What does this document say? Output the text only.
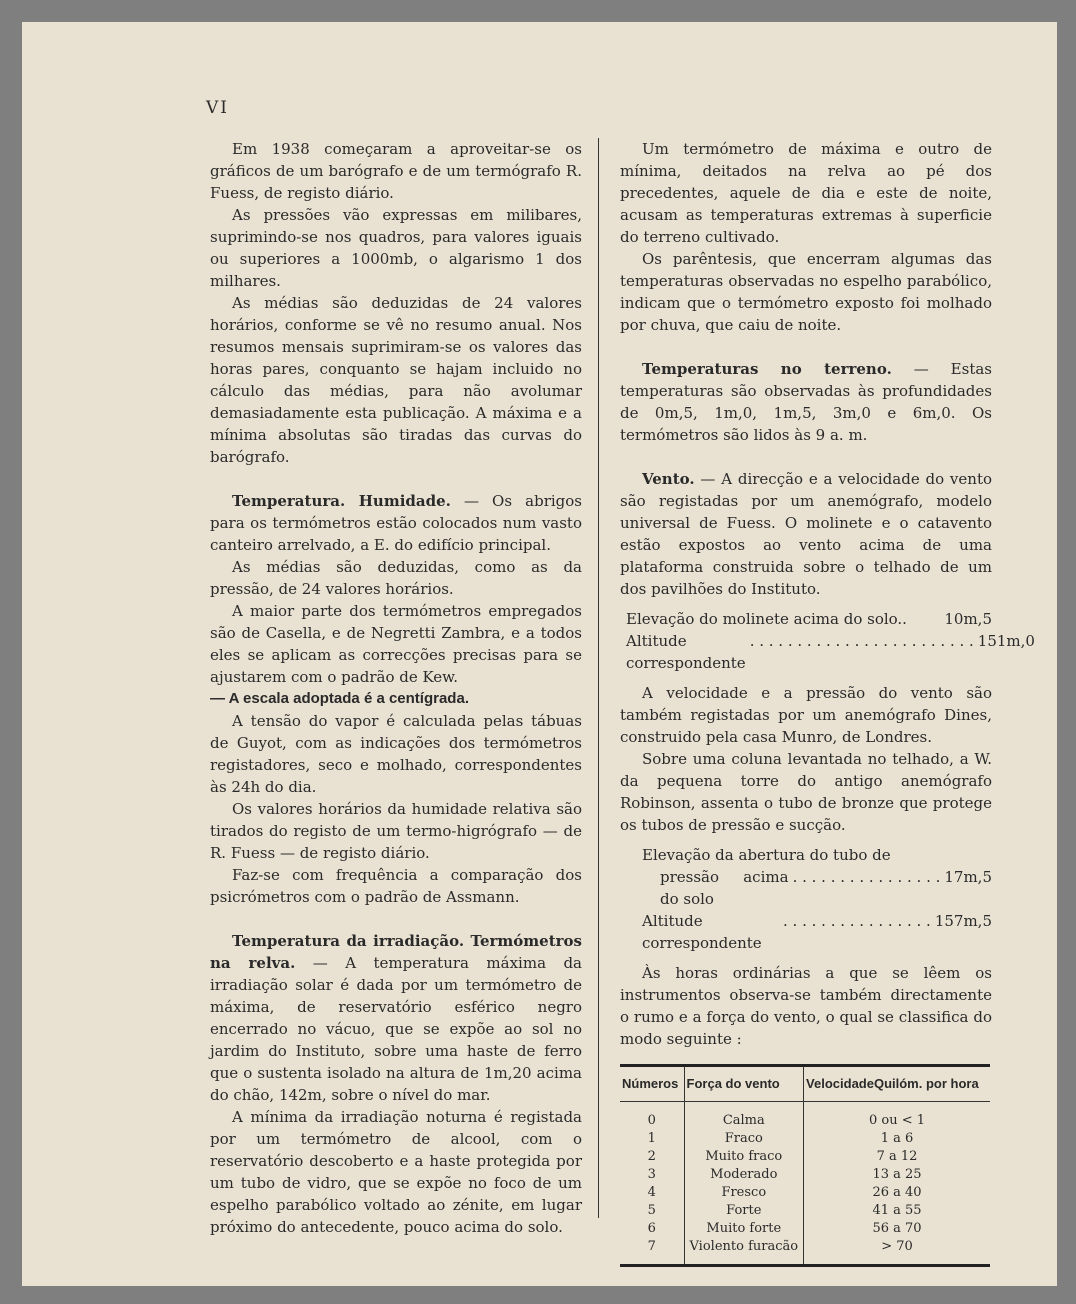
VI

Em 1938 começaram a aproveitar-se os gráficos de um barógrafo e de um termógrafo R. Fuess, de registo diário.

As pressões vão expressas em milibares, suprimindo-se nos quadros, para valores iguais ou superiores a 1000mb, o algarismo 1 dos milhares.

As médias são deduzidas de 24 valores horários, conforme se vê no resumo anual. Nos resumos mensais suprimiram-se os valores das horas pares, conquanto se hajam incluido no cálculo das médias, para não avolumar demasiadamente esta publicação. A máxima e a mínima absolutas são tiradas das curvas do barógrafo.

Temperatura. Humidade. — Os abrigos para os termómetros estão colocados num vasto canteiro arrelvado, a E. do edifício principal.

As médias são deduzidas, como as da pressão, de 24 valores horários.

A maior parte dos termómetros empregados são de Casella, e de Negretti Zambra, e a todos eles se aplicam as correcções precisas para se ajustarem com o padrão de Kew.

— A escala adoptada é a centígrada.

A tensão do vapor é calculada pelas tábuas de Guyot, com as indicações dos termómetros registadores, seco e molhado, correspondentes às 24h do dia.

Os valores horários da humidade relativa são tirados do registo de um termo-higrógrafo — de R. Fuess — de registo diário.

Faz-se com frequência a comparação dos psicrómetros com o padrão de Assmann.

Temperatura da irradiação. Termómetros na relva. — A temperatura máxima da irradiação solar é dada por um termómetro de máxima, de reservatório esférico negro encerrado no vácuo, que se expõe ao sol no jardim do Instituto, sobre uma haste de ferro que o sustenta isolado na altura de 1m,20 acima do chão, 142m, sobre o nível do mar.

A mínima da irradiação noturna é registada por um termómetro de alcool, com o reservatório descoberto e a haste protegida por um tubo de vidro, que se expõe no foco de um espelho parabólico voltado ao zénite, em lugar próximo do antecedente, pouco acima do solo.

Um termómetro de máxima e outro de mínima, deitados na relva ao pé dos precedentes, aquele de dia e este de noite, acusam as temperaturas extremas à superficie do terreno cultivado.

Os parêntesis, que encerram algumas das temperaturas observadas no espelho parabólico, indicam que o termómetro exposto foi molhado por chuva, que caiu de noite.

Temperaturas no terreno. — Estas temperaturas são observadas às profundidades de 0m,5, 1m,0, 1m,5, 3m,0 e 6m,0. Os termómetros são lidos às 9 a. m.

Vento. — A direcção e a velocidade do vento são registadas por um anemógrafo, modelo universal de Fuess. O molinete e o catavento estão expostos ao vento acima de uma plataforma construida sobre o telhado de um dos pavilhões do Instituto.

Elevação do molinete acima do solo.. 10m,5
Altitude correspondente
. . . . . . . . . . . . . . . . . . . . . . . . 151m,0

A velocidade e a pressão do vento são também registadas por um anemógrafo Dines, construido pela casa Munro, de Londres.

Sobre uma coluna levantada no telhado, a W. da pequena torre do antigo anemógrafo Robinson, assenta o tubo de bronze que protege os tubos de pressão e sucção.

Elevação da abertura do tubo de
pressão acima do solo
. . . . . . . . . . . . . . . . 17m,5
Altitude correspondente
. . . . . . . . . . . . . . . . 157m,5

Às horas ordinárias a que se lêem os instrumentos observa-se também directamente o rumo e a força do vento, o qual se classifica do modo seguinte :

Números	Força do vento	VelocidadeQuilóm. por hora
0	Calma	0 ou < 1
1	Fraco	1 a 6
2	Muito fraco	7 a 12
3	Moderado	13 a 25
4	Fresco	26 a 40
5	Forte	41 a 55
6	Muito forte	56 a 70
7	Violento furacão	> 70
